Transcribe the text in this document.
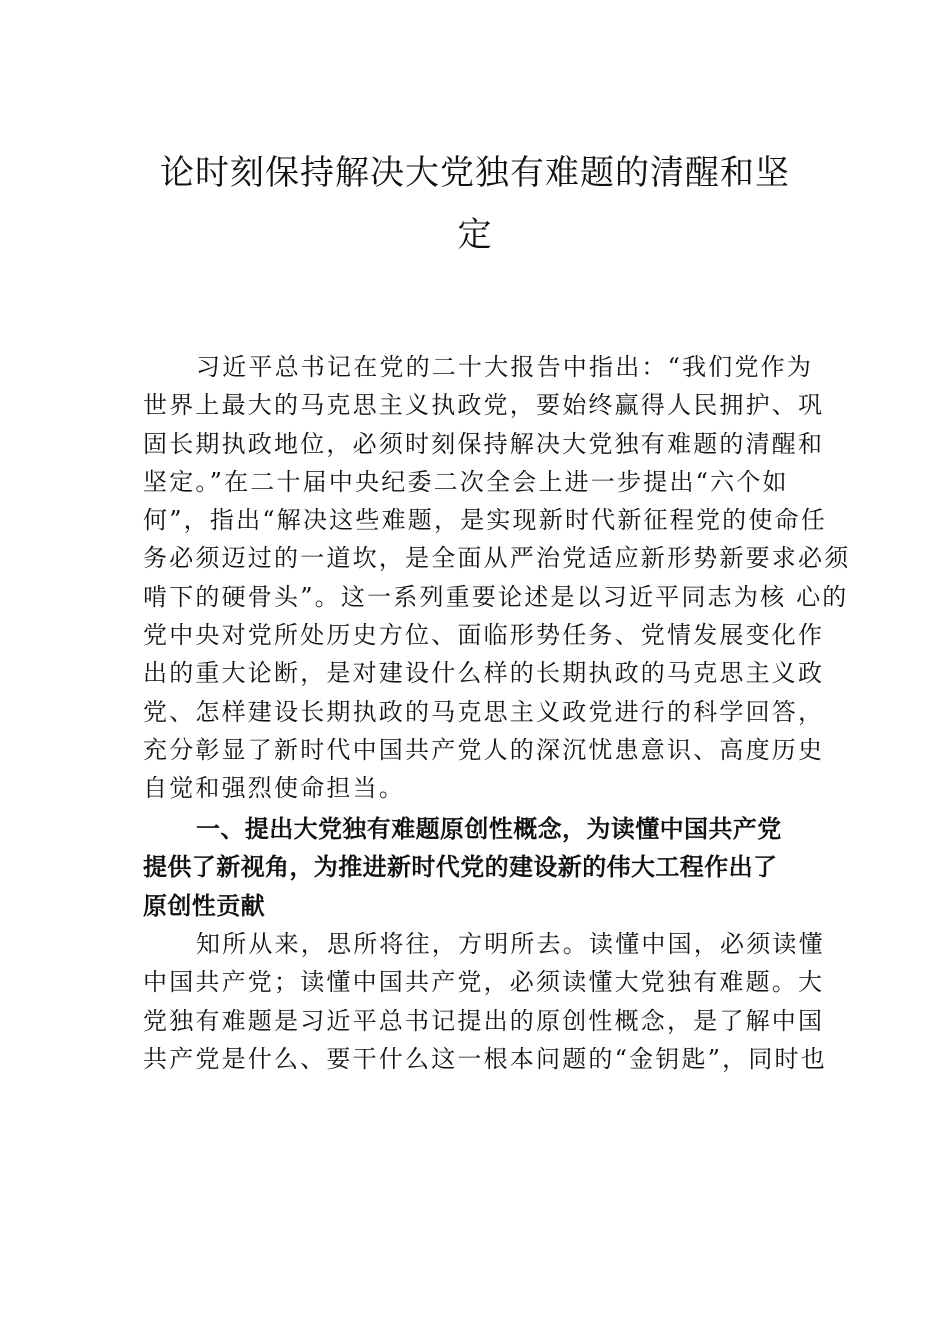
论时刻保持解决大党独有难题的清醒和坚
定
习近平总书记在党的二十大报告中指出：“我们党作为
世界上最大的马克思主义执政党，要始终赢得人民拥护、巩
固长期执政地位，必须时刻保持解决大党独有难题的清醒和
坚定。”在二十届中央纪委二次全会上进一步提出“六个如
何”，指出“解决这些难题，是实现新时代新征程党的使命任
务必须迈过的一道坎，是全面从严治党适应新形势新要求必须
啃下的硬骨头”。这一系列重要论述是以习近平同志为核 心的
党中央对党所处历史方位、面临形势任务、党情发展变化作
出的重大论断，是对建设什么样的长期执政的马克思主义政
党、怎样建设长期执政的马克思主义政党进行的科学回答，
充分彰显了新时代中国共产党人的深沉忧患意识、高度历史
自觉和强烈使命担当。
一、提出大党独有难题原创性概念，为读懂中国共产党
提供了新视角，为推进新时代党的建设新的伟大工程作出了
原创性贡献
知所从来，思所将往，方明所去。读懂中国，必须读懂
中国共产党；读懂中国共产党，必须读懂大党独有难题。大
党独有难题是习近平总书记提出的原创性概念，是了解中国
共产党是什么、要干什么这一根本问题的“金钥匙”，同时也
